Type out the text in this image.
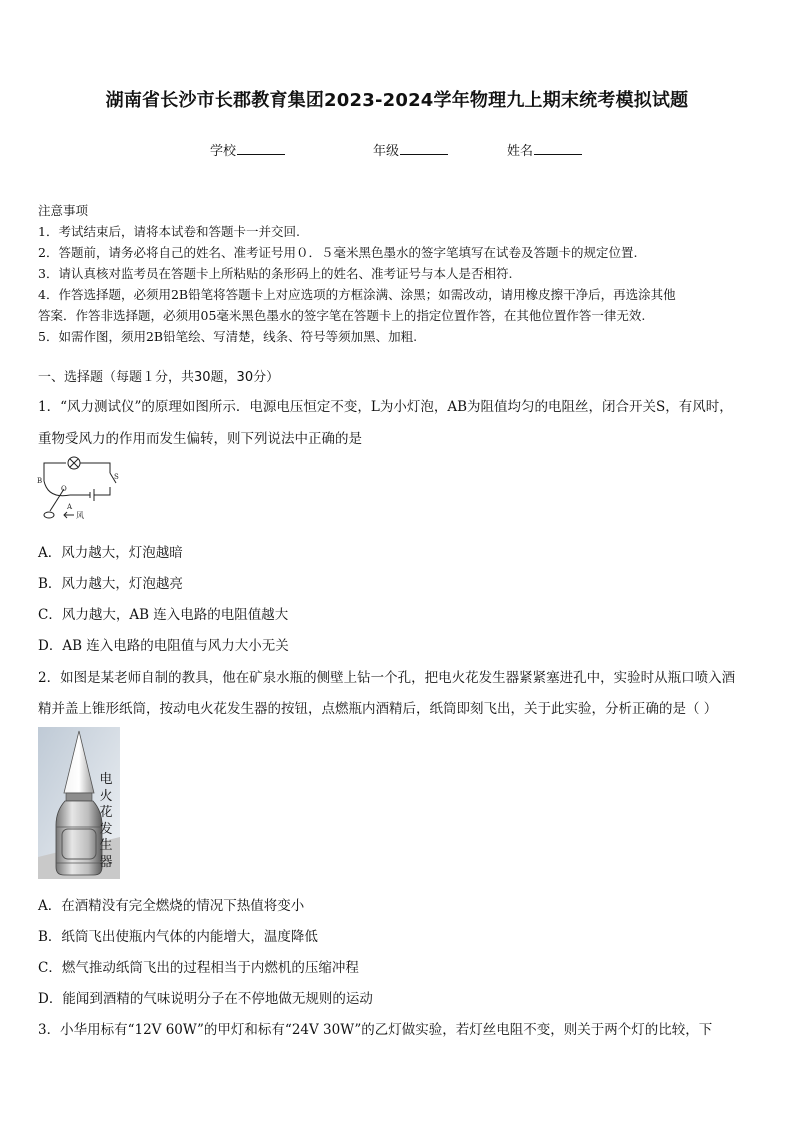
湖南省长沙市长郡教育集团2023-2024学年物理九上期末统考模拟试题
学校	年级	姓名
注意事项
1．考试结束后，请将本试卷和答题卡一并交回.
2．答题前，请务必将自己的姓名、准考证号用０．５毫米黑色墨水的签字笔填写在试卷及答题卡的规定位置.
3．请认真核对监考员在答题卡上所粘贴的条形码上的姓名、准考证号与本人是否相符.
4．作答选择题，必须用2B铅笔将答题卡上对应选项的方框涂满、涂黑；如需改动，请用橡皮擦干净后，再选涂其他
答案．作答非选择题，必须用05毫米黑色墨水的签字笔在答题卡上的指定位置作答，在其他位置作答一律无效.
5．如需作图，须用2B铅笔绘、写清楚，线条、符号等须加黑、加粗.
一、选择题（每题１分，共30题，30分）
1．“风力测试仪”的原理如图所示．电源电压恒定不变，L为小灯泡，AB为阻值均匀的电阻丝，闭合开关S，有风时，
重物受风力的作用而发生偏转，则下列说法中正确的是
B
O
A
S
风
A．风力越大，灯泡越暗
B．风力越大，灯泡越亮
C．风力越大，AB 连入电路的电阻值越大
D．AB 连入电路的电阻值与风力大小无关
2．如图是某老师自制的教具，他在矿泉水瓶的侧壁上钻一个孔，把电火花发生器紧紧塞进孔中，实验时从瓶口喷入酒
精并盖上锥形纸筒，按动电火花发生器的按钮，点燃瓶内酒精后，纸筒即刻飞出，关于此实验，分析正确的是（ ）
电
火
花
发
生
器
A．在酒精没有完全燃烧的情况下热值将变小
B．纸筒飞出使瓶内气体的内能增大，温度降低
C．燃气推动纸筒飞出的过程相当于内燃机的压缩冲程
D．能闻到酒精的气味说明分子在不停地做无规则的运动
3．小华用标有“12V 60W”的甲灯和标有“24V 30W”的乙灯做实验，若灯丝电阻不变，则关于两个灯的比较，下
